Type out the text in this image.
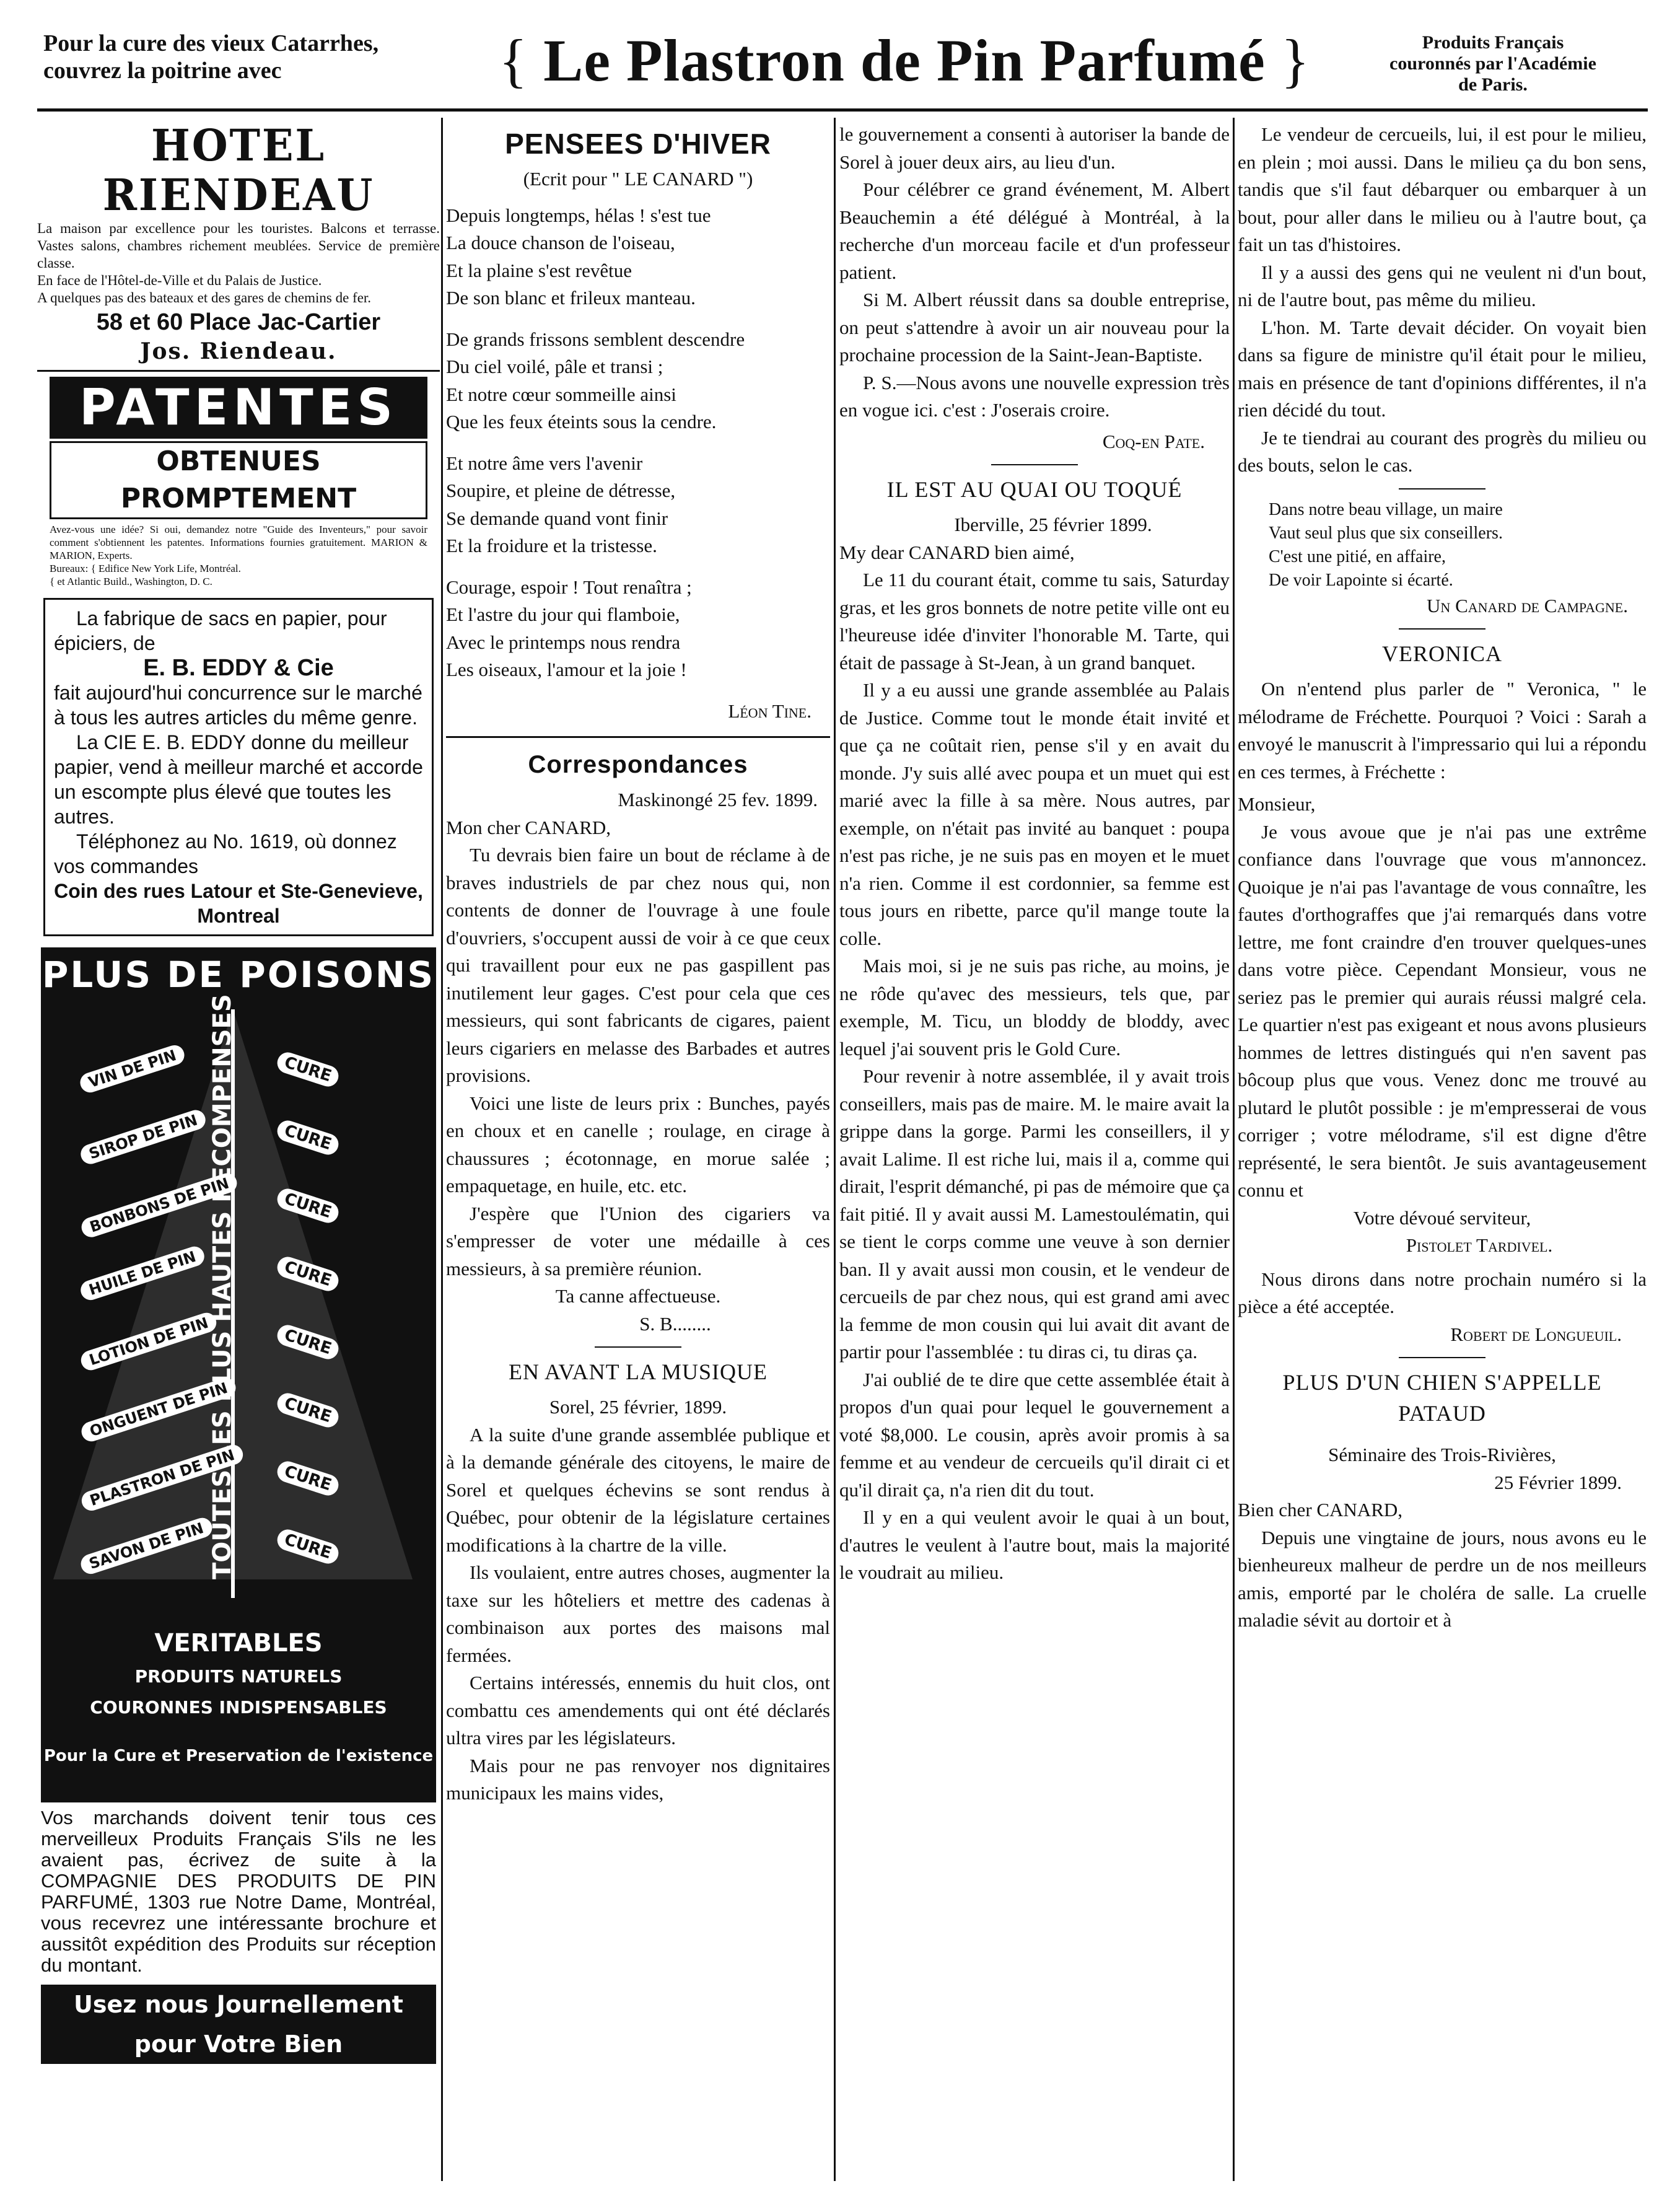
Pour la cure des vieux Catarrhes,
couvrez la poitrine avec	{ Le Plastron de Pin Parfumé }	Produits Français
couronnés par l'Académie
de Paris.
HOTEL RIENDEAU

La maison par excellence pour les touristes. Balcons et terrasse. Vastes salons, chambres richement meublées. Service de première classe.

En face de l'Hôtel-de-Ville et du Palais de Justice.

A quelques pas des bateaux et des gares de chemins de fer.

58 et 60 Place Jac-Cartier
Jos. Riendeau.
PATENTES
OBTENUES PROMPTEMENT

Avez-vous une idée? Si oui, demandez notre "Guide des Inventeurs," pour savoir comment s'obtiennent les patentes. Informations fournies gratuitement. MARION & MARION, Experts.

Bureaux: { Edifice New York Life, Montréal.

{ et Atlantic Build., Washington, D. C.

La fabrique de sacs en papier, pour épiciers, de

E. B. EDDY & Cie

fait aujourd'hui concurrence sur le marché à tous les autres articles du même genre.

La CIE E. B. EDDY donne du meilleur papier, vend à meilleur marché et accorde un escompte plus élevé que toutes les autres.

Téléphonez au No. 1619, où donnez vos commandes

Coin des rues Latour et Ste-Genevieve, Montreal

PLUS DE POISONS
TOUTES LES PLUS HAUTES RECOMPENSES
VIN DE PIN
SIROP DE PIN
BONBONS DE PIN
HUILE DE PIN
LOTION DE PIN
ONGUENT DE PIN
PLASTRON DE PIN
SAVON DE PIN
CURE
CURE
CURE
CURE
CURE
CURE
CURE
CURE
VERITABLES
PRODUITS NATURELS
COURONNES INDISPENSABLES
Pour la Cure et Preservation de l'existence

Vos marchands doivent tenir tous ces merveilleux Produits Français S'ils ne les avaient pas, écrivez de suite à la COMPAGNIE DES PRODUITS DE PIN PARFUMÉ, 1303 rue Notre Dame, Montréal, vous recevrez une intéressante brochure et aussitôt expédition des Produits sur réception du montant.

Usez nous Journellement pour Votre Bien
PENSEES D'HIVER

(Ecrit pour " LE CANARD ")

Depuis longtemps, hélas ! s'est tue

La douce chanson de l'oiseau,

Et la plaine s'est revêtue

De son blanc et frileux manteau.

De grands frissons semblent descendre

Du ciel voilé, pâle et transi ;

Et notre cœur sommeille ainsi

Que les feux éteints sous la cendre.

Et notre âme vers l'avenir

Soupire, et pleine de détresse,

Se demande quand vont finir

Et la froidure et la tristesse.

Courage, espoir ! Tout renaîtra ;

Et l'astre du jour qui flamboie,

Avec le printemps nous rendra

Les oiseaux, l'amour et la joie !

Léon Tine.

Correspondances

Maskinongé 25 fev. 1899.

Mon cher CANARD,

Tu devrais bien faire un bout de réclame à de braves industriels de par chez nous qui, non contents de donner de l'ouvrage à une foule d'ouvriers, s'occupent aussi de voir à ce que ceux qui travaillent pour eux ne pas gaspillent pas inutilement leur gages. C'est pour cela que ces messieurs, qui sont fabricants de cigares, paient leurs cigariers en melasse des Barbades et autres provisions.

Voici une liste de leurs prix : Bunches, payés en choux et en canelle ; roulage, en cirage à chaussures ; écotonnage, en morue salée ; empaquetage, en huile, etc. etc.

J'espère que l'Union des cigariers va s'empresser de voter une médaille à ces messieurs, à sa première réunion.

Ta canne affectueuse.

S. B........

EN AVANT LA MUSIQUE

Sorel, 25 février, 1899.

A la suite d'une grande assemblée publique et à la demande générale des citoyens, le maire de Sorel et quelques échevins se sont rendus à Québec, pour obtenir de la législature certaines modifications à la chartre de la ville.

Ils voulaient, entre autres choses, augmenter la taxe sur les hôteliers et mettre des cadenas à combinaison aux portes des maisons mal fermées.

Certains intéressés, ennemis du huit clos, ont combattu ces amendements qui ont été déclarés ultra vires par les législateurs.

Mais pour ne pas renvoyer nos dignitaires municipaux les mains vides,

le gouvernement a consenti à autoriser la bande de Sorel à jouer deux airs, au lieu d'un.

Pour célébrer ce grand événement, M. Albert Beauchemin a été délégué à Montréal, à la recherche d'un morceau facile et d'un professeur patient.

Si M. Albert réussit dans sa double entreprise, on peut s'attendre à avoir un air nouveau pour la prochaine procession de la Saint-Jean-Baptiste.

P. S.—Nous avons une nouvelle expression très en vogue ici. c'est : J'oserais croire.

Coq-en Pate.

IL EST AU QUAI OU TOQUÉ

Iberville, 25 février 1899.

My dear CANARD bien aimé,

Le 11 du courant était, comme tu sais, Saturday gras, et les gros bonnets de notre petite ville ont eu l'heureuse idée d'inviter l'honorable M. Tarte, qui était de passage à St-Jean, à un grand banquet.

Il y a eu aussi une grande assemblée au Palais de Justice. Comme tout le monde était invité et que ça ne coûtait rien, pense s'il y en avait du monde. J'y suis allé avec poupa et un muet qui est marié avec la fille à sa mère. Nous autres, par exemple, on n'était pas invité au banquet : poupa n'est pas riche, je ne suis pas en moyen et le muet n'a rien. Comme il est cordonnier, sa femme est tous jours en ribette, parce qu'il mange toute la colle.

Mais moi, si je ne suis pas riche, au moins, je ne rôde qu'avec des messieurs, tels que, par exemple, M. Ticu, un bloddy de bloddy, avec lequel j'ai souvent pris le Gold Cure.

Pour revenir à notre assemblée, il y avait trois conseillers, mais pas de maire. M. le maire avait la grippe dans la gorge. Parmi les conseillers, il y avait Lalime. Il est riche lui, mais il a, comme qui dirait, l'esprit démanché, pi pas de mémoire que ça fait pitié. Il y avait aussi M. Lamestoulématin, qui se tient le corps comme une veuve à son dernier ban. Il y avait aussi mon cousin, et le vendeur de cercueils de par chez nous, qui est grand ami avec la femme de mon cousin qui lui avait dit avant de partir pour l'assemblée : tu diras ci, tu diras ça.

J'ai oublié de te dire que cette assemblée était à propos d'un quai pour lequel le gouvernement a voté $8,000. Le cousin, après avoir promis à sa femme et au vendeur de cercueils qu'il dirait ci et qu'il dirait ça, n'a rien dit du tout.

Il y en a qui veulent avoir le quai à un bout, d'autres le veulent à l'autre bout, mais la majorité le voudrait au milieu.

Le vendeur de cercueils, lui, il est pour le milieu, en plein ; moi aussi. Dans le milieu ça du bon sens, tandis que s'il faut débarquer ou embarquer à un bout, pour aller dans le milieu ou à l'autre bout, ça fait un tas d'histoires.

Il y a aussi des gens qui ne veulent ni d'un bout, ni de l'autre bout, pas même du milieu.

L'hon. M. Tarte devait décider. On voyait bien dans sa figure de ministre qu'il était pour le milieu, mais en présence de tant d'opinions différentes, il n'a rien décidé du tout.

Je te tiendrai au courant des progrès du milieu ou des bouts, selon le cas.

Dans notre beau village, un maire

Vaut seul plus que six conseillers.

C'est une pitié, en affaire,

De voir Lapointe si écarté.

Un Canard de Campagne.

VERONICA

On n'entend plus parler de " Veronica, " le mélodrame de Fréchette. Pourquoi ? Voici : Sarah a envoyé le manuscrit à l'impressario qui lui a répondu en ces termes, à Fréchette :

Monsieur,

Je vous avoue que je n'ai pas une extrême confiance dans l'ouvrage que vous m'annoncez. Quoique je n'ai pas l'avantage de vous connaître, les fautes d'orthograffes que j'ai remarqués dans votre lettre, me font craindre d'en trouver quelques-unes dans votre pièce. Cependant Monsieur, vous ne seriez pas le premier qui aurais réussi malgré cela. Le quartier n'est pas exigeant et nous avons plusieurs hommes de lettres distingués qui n'en savent pas bôcoup plus que vous. Venez donc me trouvé au plutard le plutôt possible : je m'empresserai de vous corriger ; votre mélodrame, s'il est digne d'être représenté, le sera bientôt. Je suis avantageusement connu et

Votre dévoué serviteur,

Pistolet Tardivel.

Nous dirons dans notre prochain numéro si la pièce a été acceptée.

Robert de Longueuil.

PLUS D'UN CHIEN S'APPELLE PATAUD

Séminaire des Trois-Rivières,

25 Février 1899.

Bien cher CANARD,

Depuis une vingtaine de jours, nous avons eu le bienheureux malheur de perdre un de nos meilleurs amis, emporté par le choléra de salle. La cruelle maladie sévit au dortoir et à
